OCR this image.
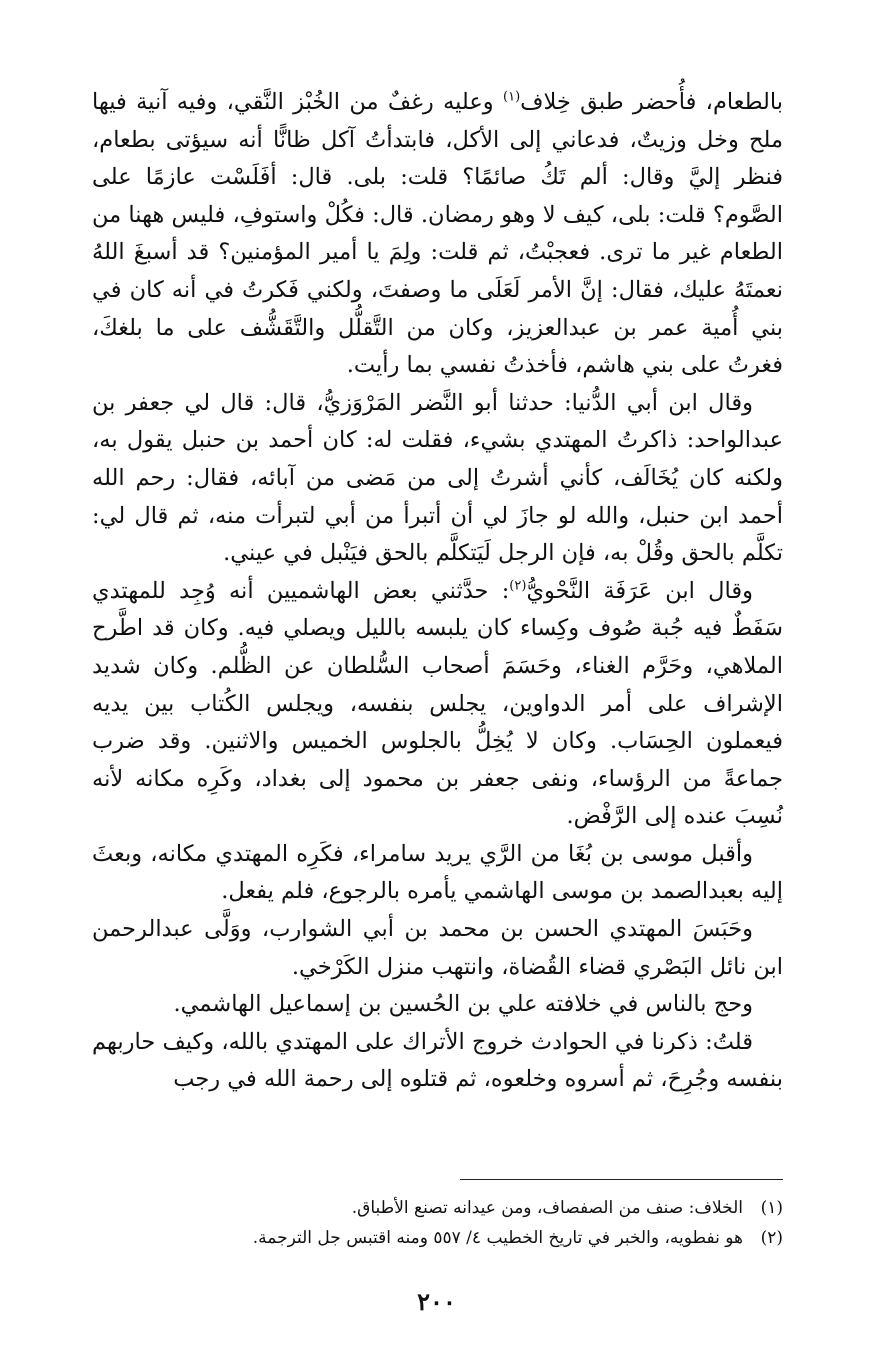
بالطعام، فأُحضر طبق خِلاف$^{(١)}$ وعليه رغفٌ من الخُبْز النَّقي، وفيه آنية فيها ملح وخل وزيتٌ، فدعاني إلى الأكل، فابتدأتُ آكل ظانًّا أنه سيؤتى بطعام، فنظر إليَّ وقال: ألم تَكُ صائمًا؟ قلت: بلى. قال: أفَلَسْت عازمًا على الصَّوم؟ قلت: بلى، كيف لا وهو رمضان. قال: فكُلْ واستوفِ، فليس ههنا من الطعام غير ما ترى. فعجبْتُ، ثم قلت: ولِمَ يا أمير المؤمنين؟ قد أسبغَ اللهُ نعمتَهُ عليك، فقال: إنَّ الأمر لَعَلَى ما وصفتَ، ولكني فَكرتُ في أنه كان في بني أُمية عمر بن عبدالعزيز، وكان من التَّقلُّل والتَّقَشُّف على ما بلغكَ، فغرتُ على بني هاشم، فأخذتُ نفسي بما رأيت.

وقال ابن أبي الدُّنيا: حدثنا أبو النَّضر المَرْوَزيُّ، قال: قال لي جعفر بن عبدالواحد: ذاكرتُ المهتدي بشيء، فقلت له: كان أحمد بن حنبل يقول به، ولكنه كان يُخَالَف، كأني أشرتُ إلى من مَضى من آبائه، فقال: رحم الله أحمد ابن حنبل، والله لو جازَ لي أن أتبرأ من أبي لتبرأت منه، ثم قال لي: تكلَّم بالحق وقُلْ به، فإن الرجل لَيَتكلَّم بالحق فيَنْبل في عيني.

وقال ابن عَرَفَة النَّحْويُّ$^{(٢)}$: حدَّثني بعض الهاشميين أنه وُجِد للمهتدي سَفَطٌ فيه جُبة صُوف وكِساء كان يلبسه بالليل ويصلي فيه. وكان قد اطَّرح الملاهي، وحَرَّم الغناء، وحَسَمَ أصحاب السُّلطان عن الظُّلم. وكان شديد الإشراف على أمر الدواوين، يجلس بنفسه، ويجلس الكُتاب بين يديه فيعملون الحِسَاب. وكان لا يُخِلُّ بالجلوس الخميس والاثنين. وقد ضرب جماعةً من الرؤساء، ونفى جعفر بن محمود إلى بغداد، وكَرِه مكانه لأنه نُسِبَ عنده إلى الرَّفْض.

وأقبل موسى بن بُغَا من الرَّي يريد سامراء، فكَرِه المهتدي مكانه، وبعثَ إليه بعبدالصمد بن موسى الهاشمي يأمره بالرجوع، فلم يفعل.

وحَبَسَ المهتدي الحسن بن محمد بن أبي الشوارب، ووَلَّى عبدالرحمن ابن نائل البَصْري قضاء القُضاة، وانتهب منزل الكَرْخي.

وحج بالناس في خلافته علي بن الحُسين بن إسماعيل الهاشمي.

قلتُ: ذكرنا في الحوادث خروج الأتراك على المهتدي بالله، وكيف حاربهم بنفسه وجُرِحَ، ثم أسروه وخلعوه، ثم قتلوه إلى رحمة الله في رجب

(١)
الخلاف: صنف من الصفصاف، ومن عيدانه تصنع الأطباق.
(٢)
هو نفطويه، والخبر في تاريخ الخطيب ٤/ ٥٥٧ ومنه اقتبس جل الترجمة.
٢٠٠
